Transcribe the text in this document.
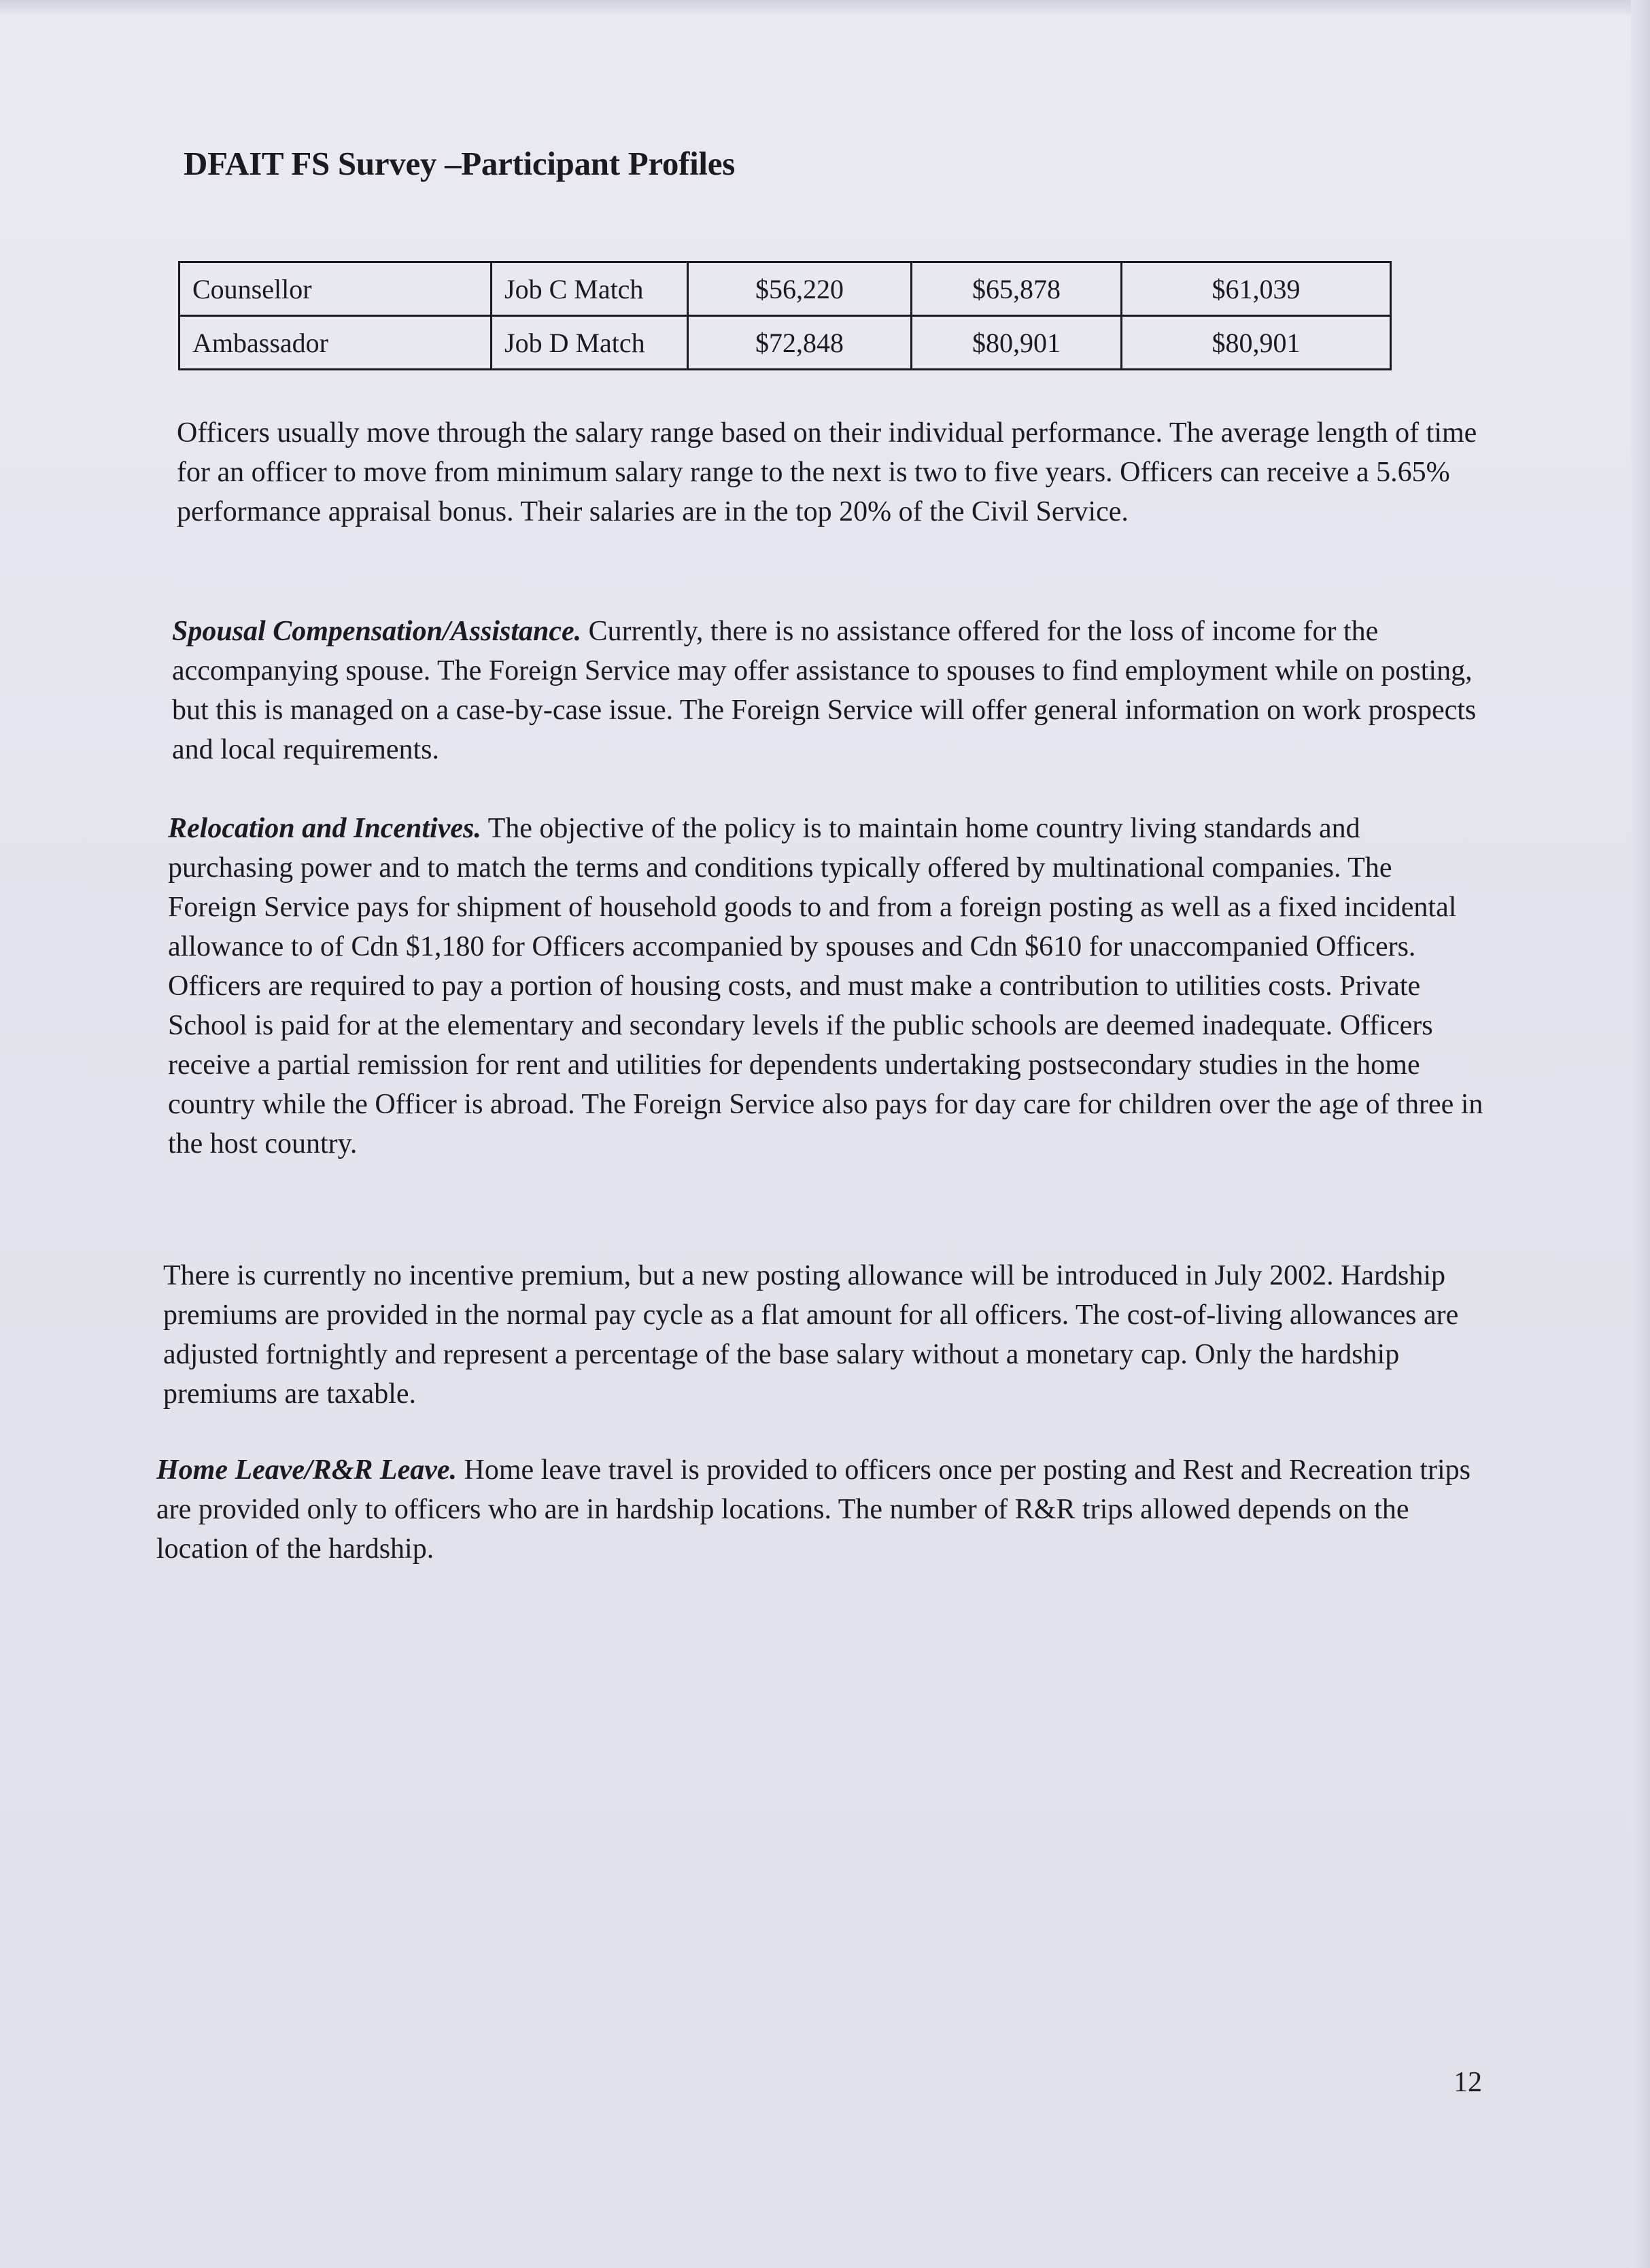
DFAIT FS Survey –Participant Profiles
Counsellor	Job C Match	$56,220	$65,878	$61,039
Ambassador	Job D Match	$72,848	$80,901	$80,901

Officers usually move through the salary range based on their individual performance. The average length of time for an officer to move from minimum salary range to the next is two to five years. Officers can receive a 5.65% performance appraisal bonus. Their salaries are in the top 20% of the Civil Service.

Spousal Compensation/Assistance. Currently, there is no assistance offered for the loss of income for the accompanying spouse. The Foreign Service may offer assistance to spouses to find employment while on posting, but this is managed on a case-by-case issue. The Foreign Service will offer general information on work prospects and local requirements.

Relocation and Incentives. The objective of the policy is to maintain home country living standards and purchasing power and to match the terms and conditions typically offered by multinational companies. The Foreign Service pays for shipment of household goods to and from a foreign posting as well as a fixed incidental allowance to of Cdn $1,180 for Officers accompanied by spouses and Cdn $610 for unaccompanied Officers. Officers are required to pay a portion of housing costs, and must make a contribution to utilities costs. Private School is paid for at the elementary and secondary levels if the public schools are deemed inadequate. Officers receive a partial remission for rent and utilities for dependents undertaking postsecondary studies in the home country while the Officer is abroad. The Foreign Service also pays for day care for children over the age of three in the host country.

There is currently no incentive premium, but a new posting allowance will be introduced in July 2002. Hardship premiums are provided in the normal pay cycle as a flat amount for all officers. The cost-of-living allowances are adjusted fortnightly and represent a percentage of the base salary without a monetary cap. Only the hardship premiums are taxable.

Home Leave/R&R Leave. Home leave travel is provided to officers once per posting and Rest and Recreation trips are provided only to officers who are in hardship locations. The number of R&R trips allowed depends on the location of the hardship.

12
